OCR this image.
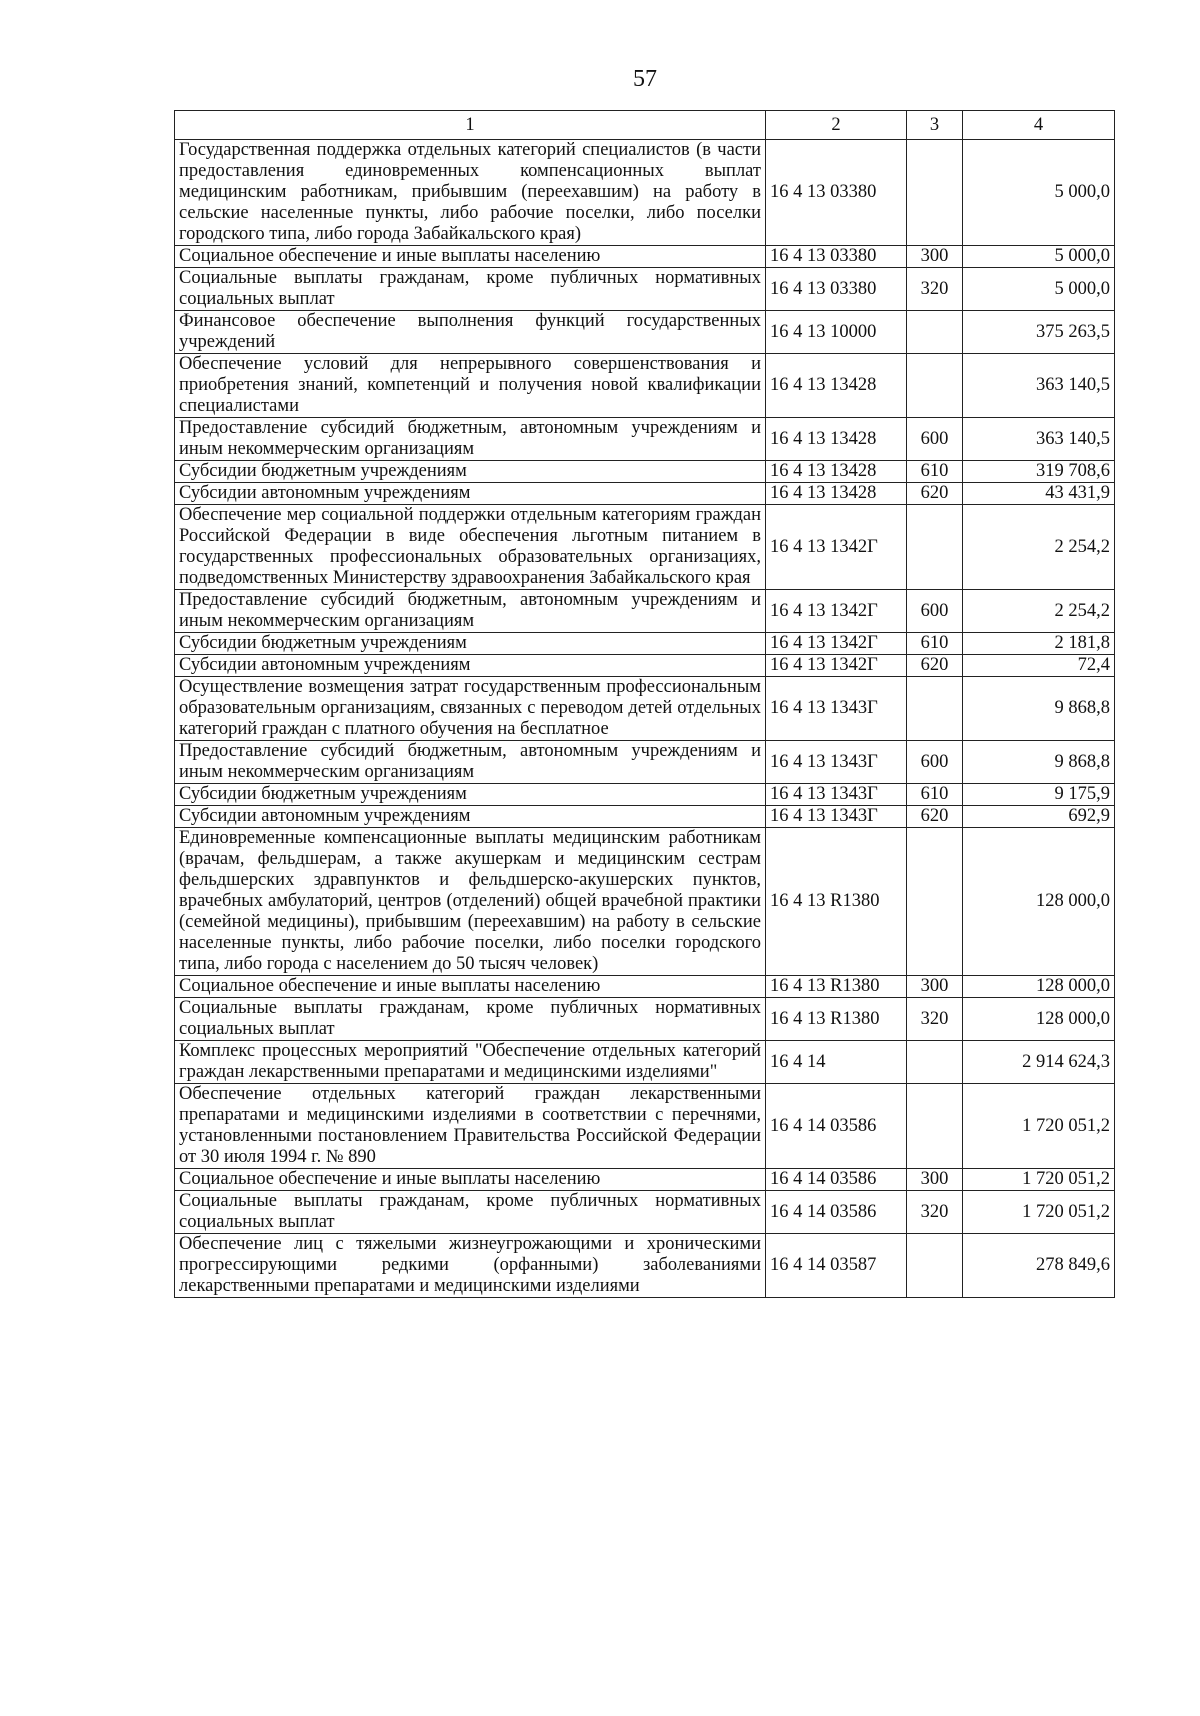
57
1	2	3	4
Государственная поддержка отдельных категорий специалистов (в части предоставления единовременных компенсационных выплат медицинским работникам, прибывшим (переехавшим) на работу в сельские населенные пункты, либо рабочие поселки, либо поселки городского типа, либо города Забайкальского края)	16 4 13 03380		5 000,0
Социальное обеспечение и иные выплаты населению	16 4 13 03380	300	5 000,0
Социальные выплаты гражданам, кроме публичных нормативных социальных выплат	16 4 13 03380	320	5 000,0
Финансовое обеспечение выполнения функций государственных учреждений	16 4 13 10000		375 263,5
Обеспечение условий для непрерывного совершенствования и приобретения знаний, компетенций и получения новой квалификации специалистами	16 4 13 13428		363 140,5
Предоставление субсидий бюджетным, автономным учреждениям и иным некоммерческим организациям	16 4 13 13428	600	363 140,5
Субсидии бюджетным учреждениям	16 4 13 13428	610	319 708,6
Субсидии автономным учреждениям	16 4 13 13428	620	43 431,9
Обеспечение мер социальной поддержки отдельным категориям граждан Российской Федерации в виде обеспечения льготным питанием в государственных профессиональных образовательных организациях, подведомственных Министерству здравоохранения Забайкальского края	16 4 13 1342Г		2 254,2
Предоставление субсидий бюджетным, автономным учреждениям и иным некоммерческим организациям	16 4 13 1342Г	600	2 254,2
Субсидии бюджетным учреждениям	16 4 13 1342Г	610	2 181,8
Субсидии автономным учреждениям	16 4 13 1342Г	620	72,4
Осуществление возмещения затрат государственным профессиональным образовательным организациям, связанных с переводом детей отдельных категорий граждан с платного обучения на бесплатное	16 4 13 1343Г		9 868,8
Предоставление субсидий бюджетным, автономным учреждениям и иным некоммерческим организациям	16 4 13 1343Г	600	9 868,8
Субсидии бюджетным учреждениям	16 4 13 1343Г	610	9 175,9
Субсидии автономным учреждениям	16 4 13 1343Г	620	692,9
Единовременные компенсационные выплаты медицинским работникам (врачам, фельдшерам, а также акушеркам и медицинским сестрам фельдшерских здравпунктов и фельдшерско-акушерских пунктов, врачебных амбулаторий, центров (отделений) общей врачебной практики (семейной медицины), прибывшим (переехавшим) на работу в сельские населенные пункты, либо рабочие поселки, либо поселки городского типа, либо города с населением до 50 тысяч человек)	16 4 13 R1380		128 000,0
Социальное обеспечение и иные выплаты населению	16 4 13 R1380	300	128 000,0
Социальные выплаты гражданам, кроме публичных нормативных социальных выплат	16 4 13 R1380	320	128 000,0
Комплекс процессных мероприятий "Обеспечение отдельных категорий граждан лекарственными препаратами и медицинскими изделиями"	16 4 14		2 914 624,3
Обеспечение отдельных категорий граждан лекарственными препаратами и медицинскими изделиями в соответствии с перечнями, установленными постановлением Правительства Российской Федерации от 30 июля 1994 г. № 890	16 4 14 03586		1 720 051,2
Социальное обеспечение и иные выплаты населению	16 4 14 03586	300	1 720 051,2
Социальные выплаты гражданам, кроме публичных нормативных социальных выплат	16 4 14 03586	320	1 720 051,2
Обеспечение лиц с тяжелыми жизнеугрожающими и хроническими прогрессирующими редкими (орфанными) заболеваниями лекарственными препаратами и медицинскими изделиями	16 4 14 03587		278 849,6
